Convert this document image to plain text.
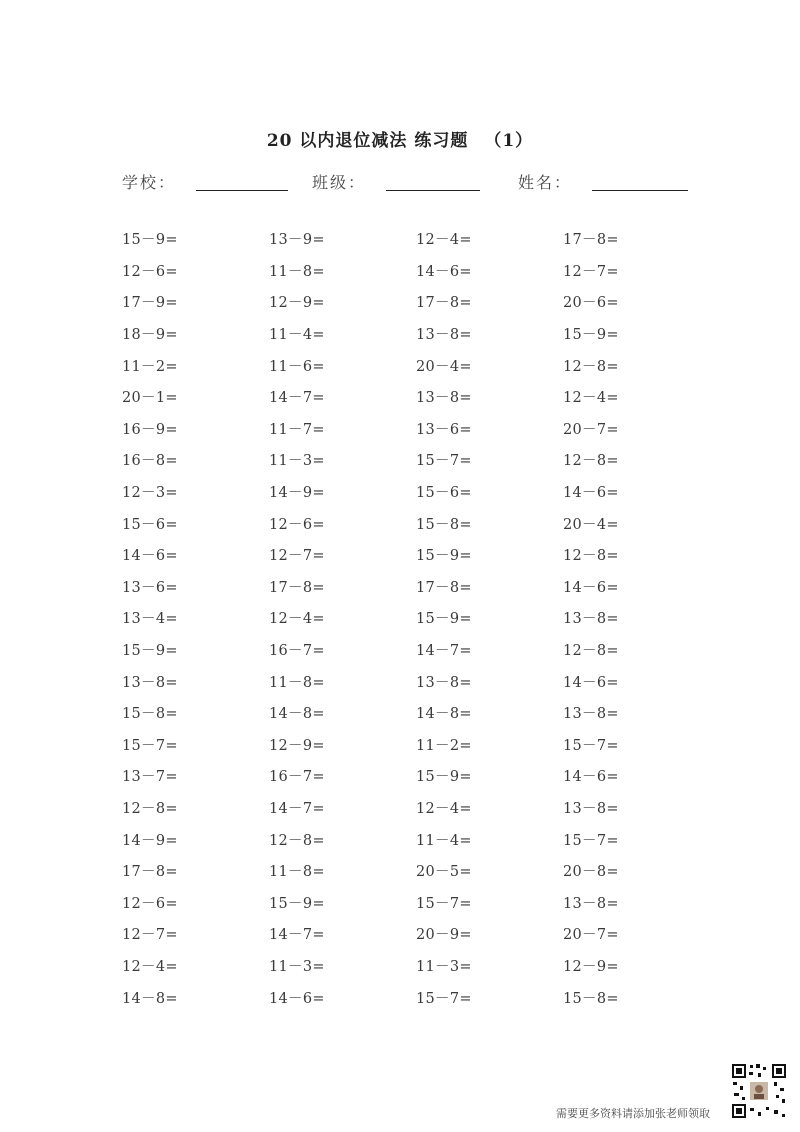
20 以内退位减法 练习题 （1）
学校：	班级：	姓名：
15－9=	13－9=	12－4=	17－8=
12－6=	11－8=	14－6=	12－7=
17－9=	12－9=	17－8=	20－6=
18－9=	11－4=	13－8=	15－9=
11－2=	11－6=	20－4=	12－8=
20－1=	14－7=	13－8=	12－4=
16－9=	11－7=	13－6=	20－7=
16－8=	11－3=	15－7=	12－8=
12－3=	14－9=	15－6=	14－6=
15－6=	12－6=	15－8=	20－4=
14－6=	12－7=	15－9=	12－8=
13－6=	17－8=	17－8=	14－6=
13－4=	12－4=	15－9=	13－8=
15－9=	16－7=	14－7=	12－8=
13－8=	11－8=	13－8=	14－6=
15－8=	14－8=	14－8=	13－8=
15－7=	12－9=	11－2=	15－7=
13－7=	16－7=	15－9=	14－6=
12－8=	14－7=	12－4=	13－8=
14－9=	12－8=	11－4=	15－7=
17－8=	11－8=	20－5=	20－8=
12－6=	15－9=	15－7=	13－8=
12－7=	14－7=	20－9=	20－7=
12－4=	11－3=	11－3=	12－9=
14－8=	14－6=	15－7=	15－8=
需要更多资料请添加张老师领取
